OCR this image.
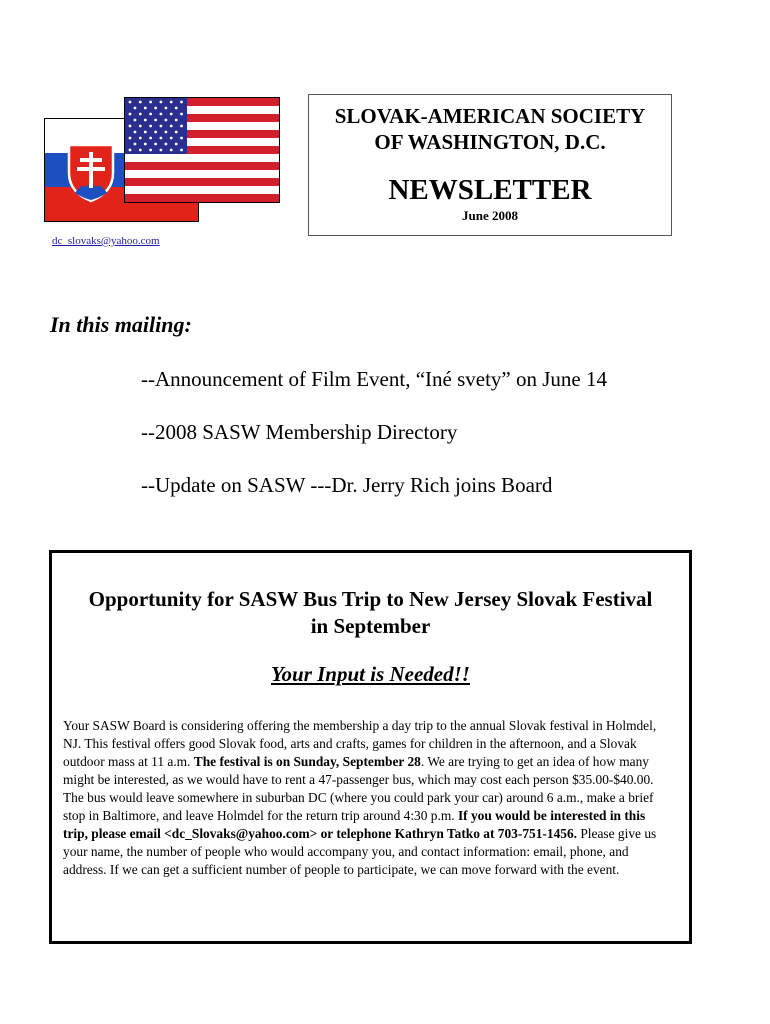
SLOVAK-AMERICAN SOCIETY
OF WASHINGTON, D.C.
NEWSLETTER
June 2008
dc_slovaks@yahoo.com
In this mailing:
--Announcement of Film Event, “Iné svety” on June 14
--2008 SASW Membership Directory
--Update on SASW ---Dr. Jerry Rich joins Board
Opportunity for SASW Bus Trip to New Jersey Slovak Festival
in September
Your Input is Needed!!
Your SASW Board is considering offering the membership a day trip to the annual Slovak festival in Holmdel, NJ. This festival offers good Slovak food, arts and crafts, games for children in the afternoon, and a Slovak outdoor mass at 11 a.m. The festival is on Sunday, September 28. We are trying to get an idea of how many might be interested, as we would have to rent a 47-passenger bus, which may cost each person $35.00-$40.00. The bus would leave somewhere in suburban DC (where you could park your car) around 6 a.m., make a brief stop in Baltimore, and leave Holmdel for the return trip around 4:30 p.m. If you would be interested in this trip, please email <dc_Slovaks@yahoo.com> or telephone Kathryn Tatko at 703-751-1456. Please give us your name, the number of people who would accompany you, and contact information: email, phone, and address. If we can get a sufficient number of people to participate, we can move forward with the event.
